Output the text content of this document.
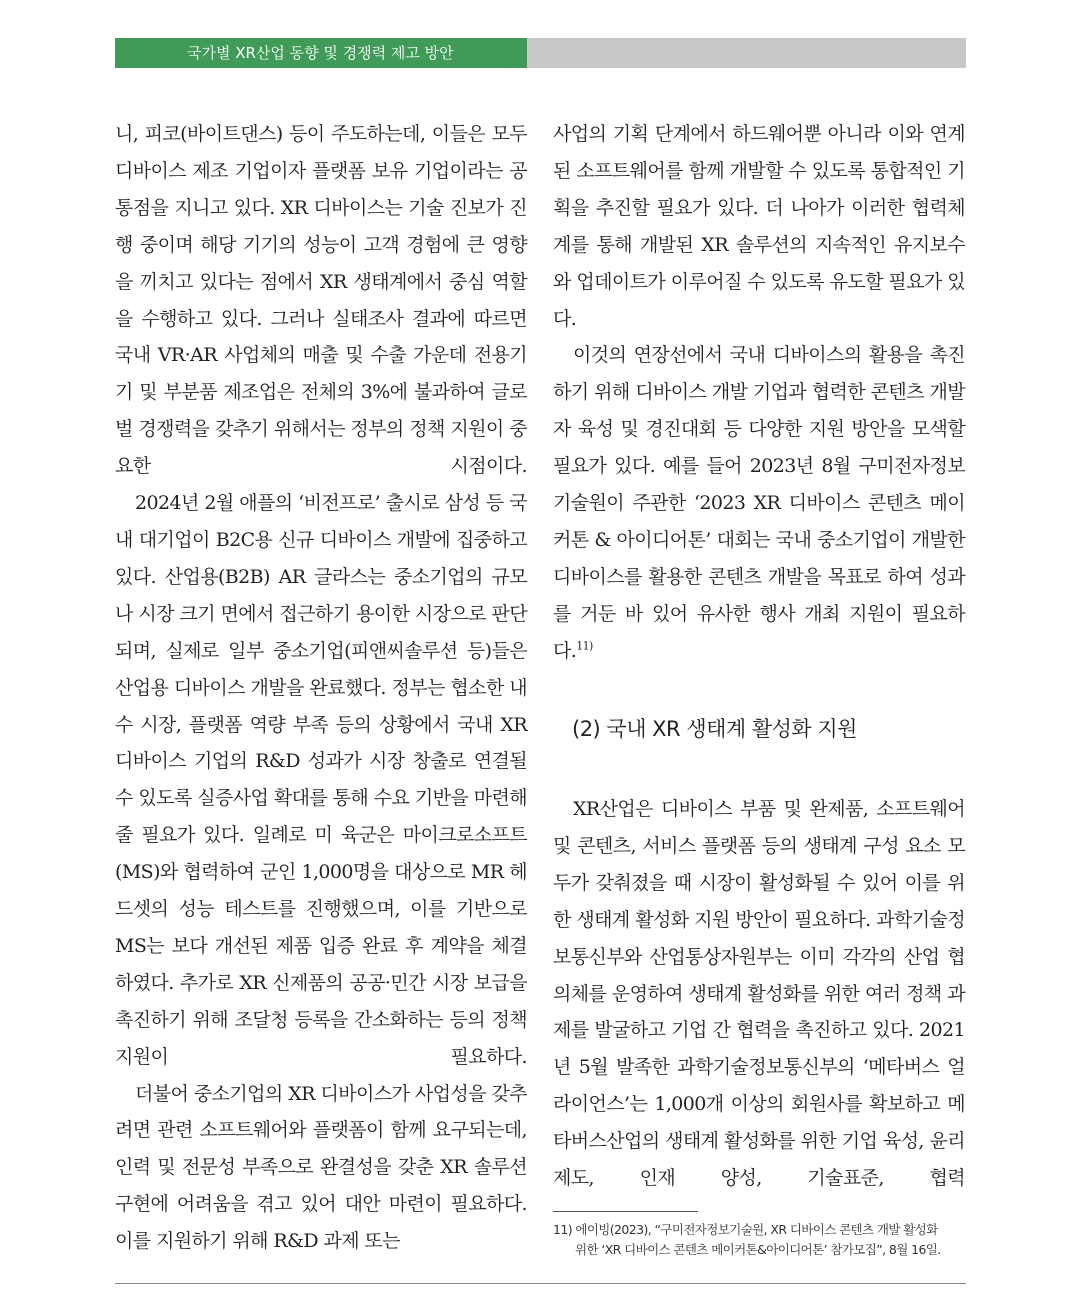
국가별 XR산업 동향 및 경쟁력 제고 방안

니, 피코(바이트댄스) 등이 주도하는데, 이들은 모두 디바이스 제조 기업이자 플랫폼 보유 기업이라는 공통점을 지니고 있다. XR 디바이스는 기술 진보가 진행 중이며 해당 기기의 성능이 고객 경험에 큰 영향을 끼치고 있다는 점에서 XR 생태계에서 중심 역할을 수행하고 있다. 그러나 실태조사 결과에 따르면 국내 VR·AR 사업체의 매출 및 수출 가운데 전용기기 및 부분품 제조업은 전체의 3%에 불과하여 글로벌 경쟁력을 갖추기 위해서는 정부의 정책 지원이 중요한 시점이다.

2024년 2월 애플의 ‘비전프로’ 출시로 삼성 등 국내 대기업이 B2C용 신규 디바이스 개발에 집중하고 있다. 산업용(B2B) AR 글라스는 중소기업의 규모나 시장 크기 면에서 접근하기 용이한 시장으로 판단되며, 실제로 일부 중소기업(피앤씨솔루션 등)들은 산업용 디바이스 개발을 완료했다. 정부는 협소한 내수 시장, 플랫폼 역량 부족 등의 상황에서 국내 XR 디바이스 기업의 R&D 성과가 시장 창출로 연결될 수 있도록 실증사업 확대를 통해 수요 기반을 마련해 줄 필요가 있다. 일례로 미 육군은 마이크로소프트(MS)와 협력하여 군인 1,000명을 대상으로 MR 헤드셋의 성능 테스트를 진행했으며, 이를 기반으로 MS는 보다 개선된 제품 입증 완료 후 계약을 체결하였다. 추가로 XR 신제품의 공공·민간 시장 보급을 촉진하기 위해 조달청 등록을 간소화하는 등의 정책 지원이 필요하다.

더불어 중소기업의 XR 디바이스가 사업성을 갖추려면 관련 소프트웨어와 플랫폼이 함께 요구되는데, 인력 및 전문성 부족으로 완결성을 갖춘 XR 솔루션 구현에 어려움을 겪고 있어 대안 마련이 필요하다. 이를 지원하기 위해 R&D 과제 또는

사업의 기획 단계에서 하드웨어뿐 아니라 이와 연계된 소프트웨어를 함께 개발할 수 있도록 통합적인 기획을 추진할 필요가 있다. 더 나아가 이러한 협력체계를 통해 개발된 XR 솔루션의 지속적인 유지보수와 업데이트가 이루어질 수 있도록 유도할 필요가 있다.

이것의 연장선에서 국내 디바이스의 활용을 촉진하기 위해 디바이스 개발 기업과 협력한 콘텐츠 개발자 육성 및 경진대회 등 다양한 지원 방안을 모색할 필요가 있다. 예를 들어 2023년 8월 구미전자정보기술원이 주관한 ‘2023 XR 디바이스 콘텐츠 메이커톤 & 아이디어톤’ 대회는 국내 중소기업이 개발한 디바이스를 활용한 콘텐츠 개발을 목표로 하여 성과를 거둔 바 있어 유사한 행사 개최 지원이 필요하다.$^{11)}$

(2) 국내 XR 생태계 활성화 지원

XR산업은 디바이스 부품 및 완제품, 소프트웨어 및 콘텐츠, 서비스 플랫폼 등의 생태계 구성 요소 모두가 갖춰졌을 때 시장이 활성화될 수 있어 이를 위한 생태계 활성화 지원 방안이 필요하다. 과학기술정보통신부와 산업통상자원부는 이미 각각의 산업 협의체를 운영하여 생태계 활성화를 위한 여러 정책 과제를 발굴하고 기업 간 협력을 촉진하고 있다. 2021년 5월 발족한 과학기술정보통신부의 ‘메타버스 얼라이언스’는 1,000개 이상의 회원사를 확보하고 메타버스산업의 생태계 활성화를 위한 기업 육성, 윤리제도, 인재 양성, 기술표준, 협력

11) 에이빙(2023), “구미전자정보기술원, XR 디바이스 콘텐츠 개발 활성화
위한 ‘XR 디바이스 콘텐츠 메이커톤&아이디어톤’ 참가모집”, 8월 16일.
